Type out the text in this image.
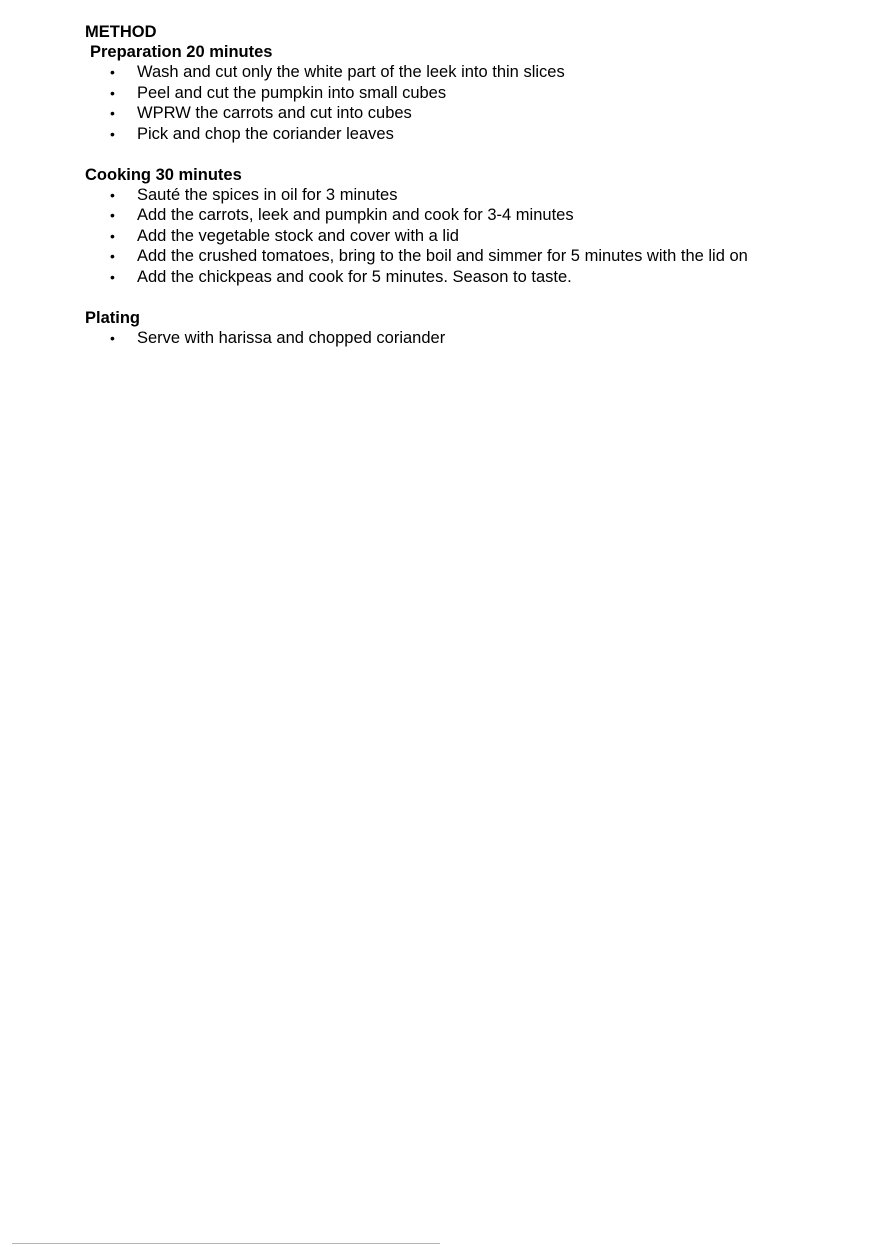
METHOD
Preparation 20 minutes
• Wash and cut only the white part of the leek into thin slices
• Peel and cut the pumpkin into small cubes
• WPRW the carrots and cut into cubes
• Pick and chop the coriander leaves
Cooking 30 minutes
• Sauté the spices in oil for 3 minutes
• Add the carrots, leek and pumpkin and cook for 3-4 minutes
• Add the vegetable stock and cover with a lid
• Add the crushed tomatoes, bring to the boil and simmer for 5 minutes with the lid on
• Add the chickpeas and cook for 5 minutes. Season to taste.
Plating
• Serve with harissa and chopped coriander
